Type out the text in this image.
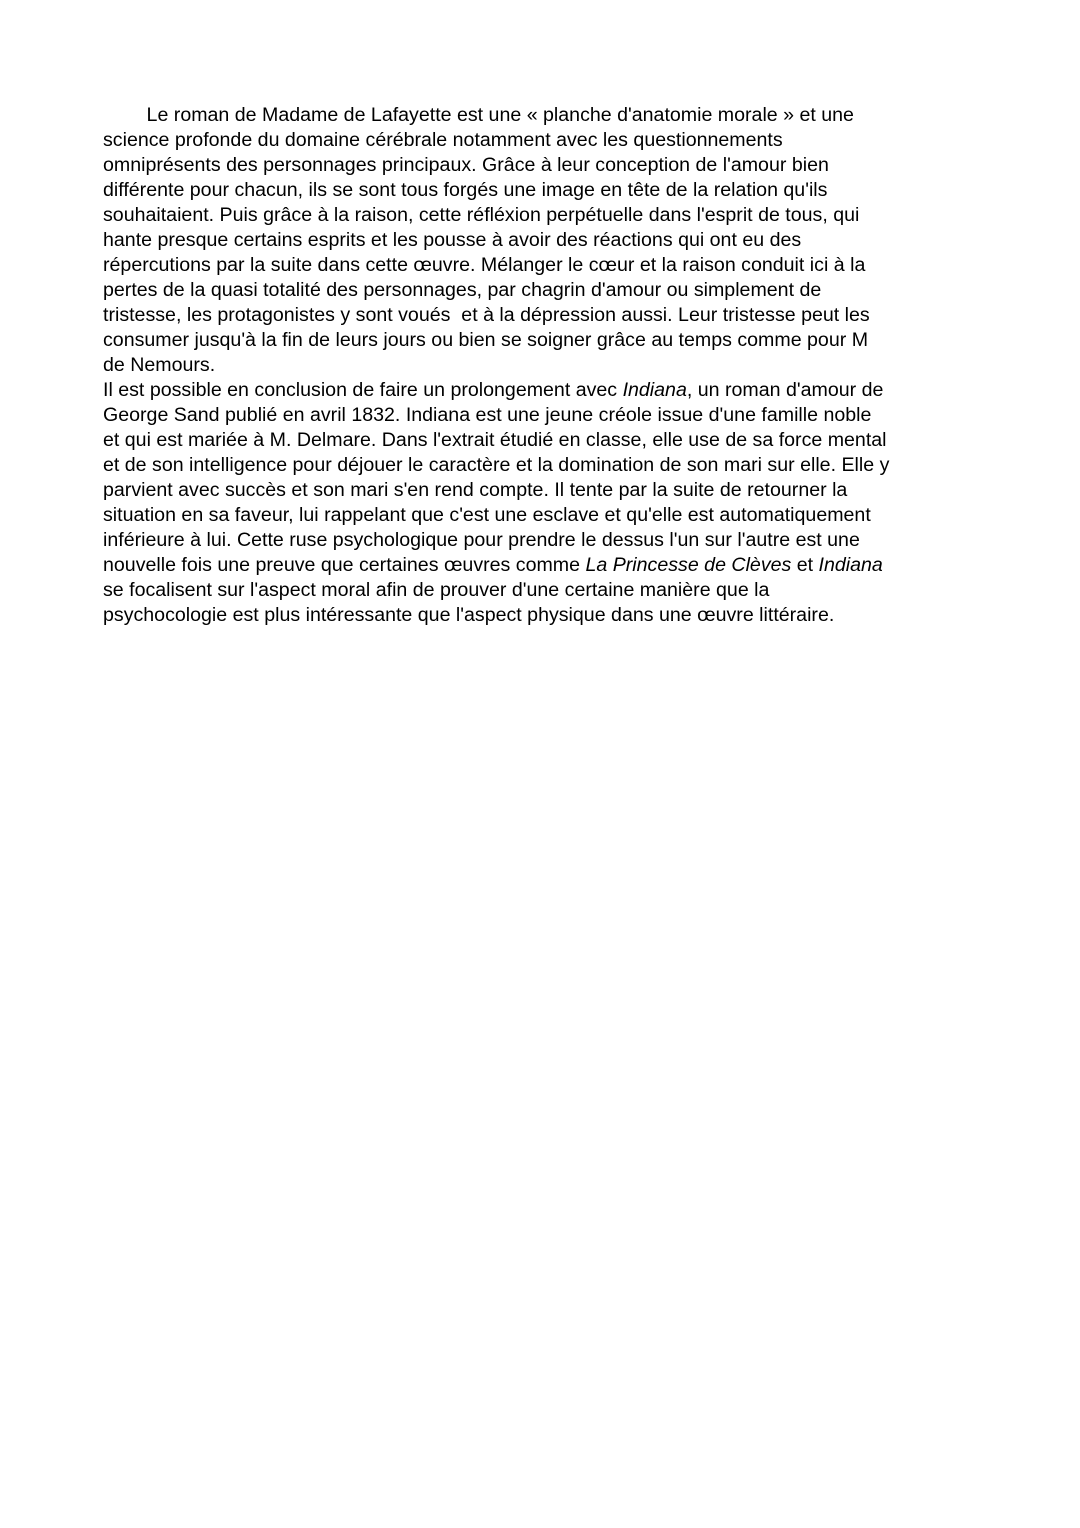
Le roman de Madame de Lafayette est une « planche d'anatomie morale » et une
science profonde du domaine cérébrale notamment avec les questionnements
omniprésents des personnages principaux. Grâce à leur conception de l'amour bien
différente pour chacun, ils se sont tous forgés une image en tête de la relation qu'ils
souhaitaient. Puis grâce à la raison, cette réfléxion perpétuelle dans l'esprit de tous, qui
hante presque certains esprits et les pousse à avoir des réactions qui ont eu des
répercutions par la suite dans cette œuvre. Mélanger le cœur et la raison conduit ici à la
pertes de la quasi totalité des personnages, par chagrin d'amour ou simplement de
tristesse, les protagonistes y sont voués  et à la dépression aussi. Leur tristesse peut les
consumer jusqu'à la fin de leurs jours ou bien se soigner grâce au temps comme pour M
de Nemours.
Il est possible en conclusion de faire un prolongement avec Indiana, un roman d'amour de
George Sand publié en avril 1832. Indiana est une jeune créole issue d'une famille noble
et qui est mariée à M. Delmare. Dans l'extrait étudié en classe, elle use de sa force mental
et de son intelligence pour déjouer le caractère et la domination de son mari sur elle. Elle y
parvient avec succès et son mari s'en rend compte. Il tente par la suite de retourner la
situation en sa faveur, lui rappelant que c'est une esclave et qu'elle est automatiquement
inférieure à lui. Cette ruse psychologique pour prendre le dessus l'un sur l'autre est une
nouvelle fois une preuve que certaines œuvres comme La Princesse de Clèves et Indiana
se focalisent sur l'aspect moral afin de prouver d'une certaine manière que la
psychocologie est plus intéressante que l'aspect physique dans une œuvre littéraire.
